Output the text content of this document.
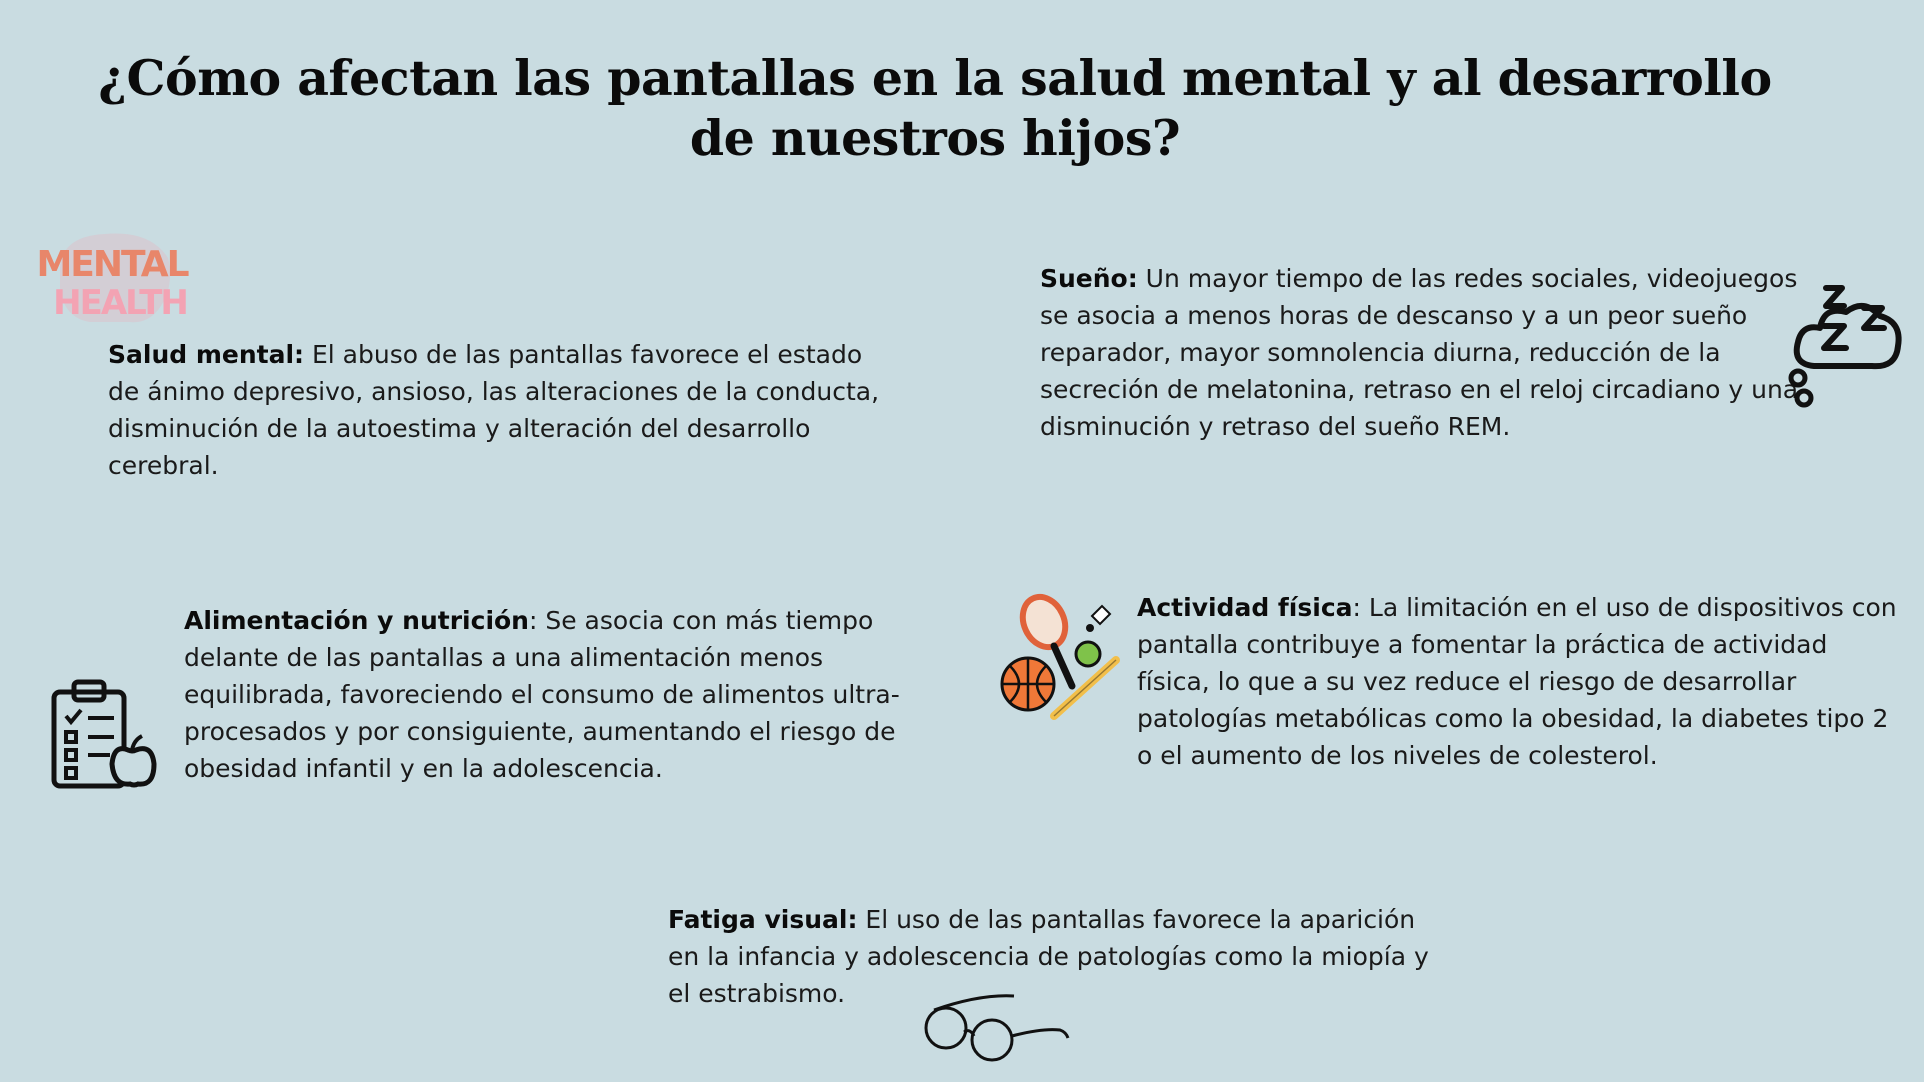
¿Cómo afectan las pantallas en la salud mental y al desarrollo de nuestros hijos?
MENTAL
HEALTH
Salud mental: El abuso de las pantallas favorece el estado de ánimo depresivo, ansioso, las alteraciones de la conducta, disminución de la autoestima y alteración del desarrollo cerebral.
Sueño: Un mayor tiempo de las redes sociales, videojuegos se asocia a menos horas de descanso y a un peor sueño reparador, mayor somnolencia diurna, reducción de la secreción de melatonina, retraso en el reloj circadiano y una disminución y retraso del sueño REM.
Alimentación y nutrición: Se asocia con más tiempo delante de las pantallas a una alimentación menos equilibrada, favoreciendo el consumo de alimentos ultra-procesados y por consiguiente, aumentando el riesgo de obesidad infantil y en la adolescencia.
Actividad física: La limitación en el uso de dispositivos con pantalla contribuye a fomentar la práctica de actividad física, lo que a su vez reduce el riesgo de desarrollar patologías metabólicas como la obesidad, la diabetes tipo 2 o el aumento de los niveles de colesterol.
Fatiga visual: El uso de las pantallas favorece la aparición en la infancia y adolescencia de patologías como la miopía y el estrabismo.
